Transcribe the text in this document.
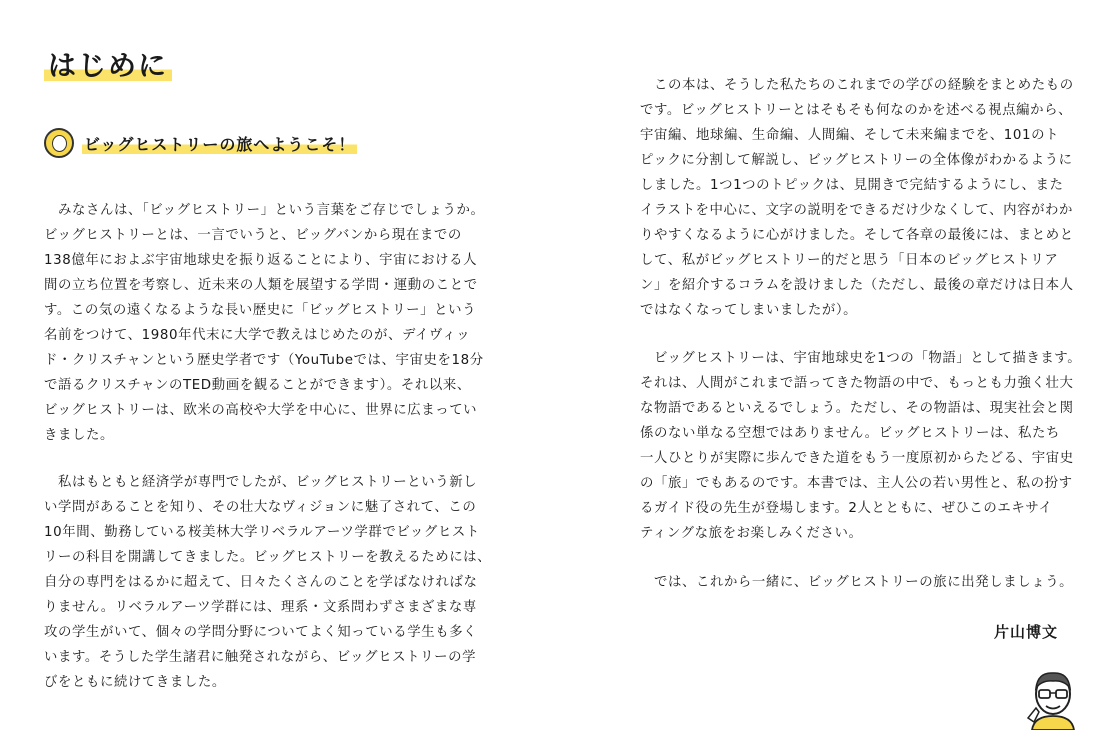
はじめに
ビッグヒストリーの旅へようこそ！

　みなさんは、「ビッグヒストリー」という言葉をご存じでしょうか。

ビッグヒストリーとは、一言でいうと、ビッグバンから現在までの

138億年におよぶ宇宙地球史を振り返ることにより、宇宙における人

間の立ち位置を考察し、近未来の人類を展望する学問・運動のことで

す。この気の遠くなるような長い歴史に「ビッグヒストリー」という

名前をつけて、1980年代末に大学で教えはじめたのが、デイヴィッ

ド・クリスチャンという歴史学者です（YouTubeでは、宇宙史を18分

で語るクリスチャンのTED動画を観ることができます）。それ以来、

ビッグヒストリーは、欧米の高校や大学を中心に、世界に広まってい

きました。

　私はもともと経済学が専門でしたが、ビッグヒストリーという新し

い学問があることを知り、その壮大なヴィジョンに魅了されて、この

10年間、勤務している桜美林大学リベラルアーツ学群でビッグヒスト

リーの科目を開講してきました。ビッグヒストリーを教えるためには、

自分の専門をはるかに超えて、日々たくさんのことを学ばなければな

りません。リベラルアーツ学群には、理系・文系問わずさまざまな専

攻の学生がいて、個々の学問分野についてよく知っている学生も多く

います。そうした学生諸君に触発されながら、ビッグヒストリーの学

びをともに続けてきました。

　この本は、そうした私たちのこれまでの学びの経験をまとめたもの

です。ビッグヒストリーとはそもそも何なのかを述べる視点編から、

宇宙編、地球編、生命編、人間編、そして未来編までを、101のト

ピックに分割して解説し、ビッグヒストリーの全体像がわかるように

しました。1つ1つのトピックは、見開きで完結するようにし、また

イラストを中心に、文字の説明をできるだけ少なくして、内容がわか

りやすくなるように心がけました。そして各章の最後には、まとめと

して、私がビッグヒストリー的だと思う「日本のビッグヒストリア

ン」を紹介するコラムを設けました（ただし、最後の章だけは日本人

ではなくなってしまいましたが）。

　ビッグヒストリーは、宇宙地球史を1つの「物語」として描きます。

それは、人間がこれまで語ってきた物語の中で、もっとも力強く壮大

な物語であるといえるでしょう。ただし、その物語は、現実社会と関

係のない単なる空想ではありません。ビッグヒストリーは、私たち

一人ひとりが実際に歩んできた道をもう一度原初からたどる、宇宙史

の「旅」でもあるのです。本書では、主人公の若い男性と、私の扮す

るガイド役の先生が登場します。2人とともに、ぜひこのエキサイ

ティングな旅をお楽しみください。

　では、これから一緒に、ビッグヒストリーの旅に出発しましょう。

片山博文
